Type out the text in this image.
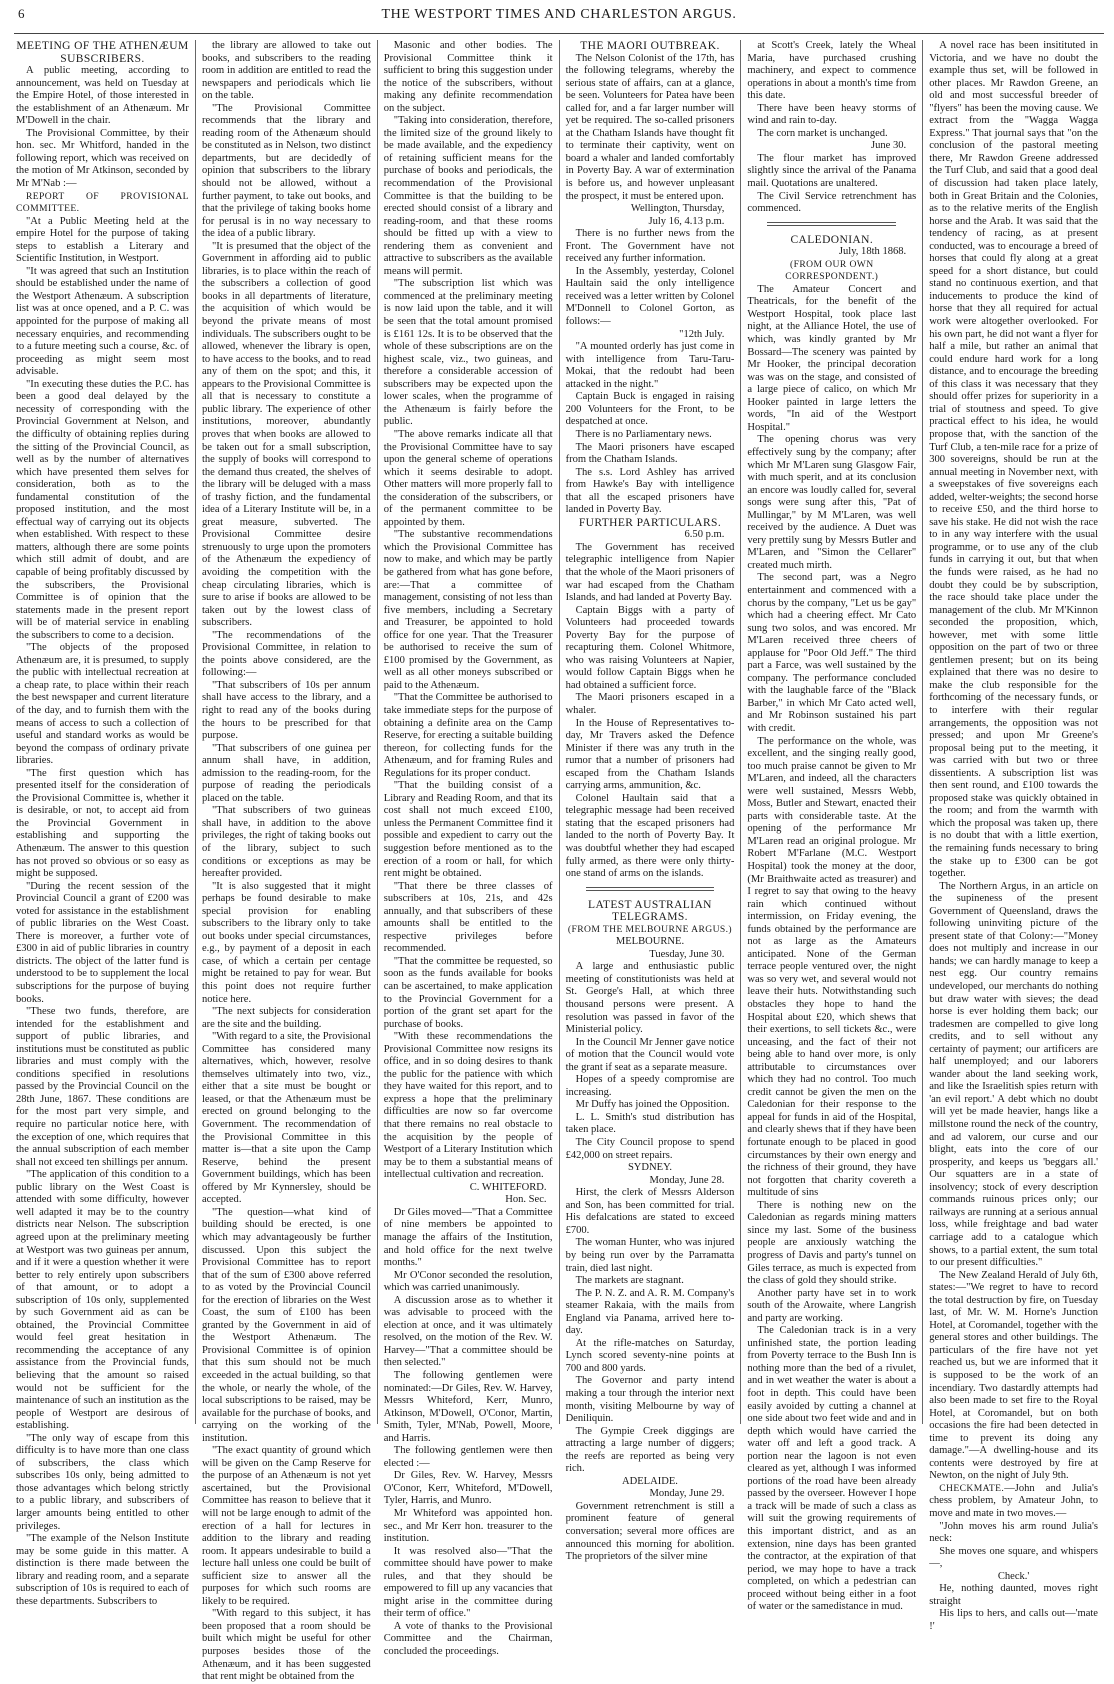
6	THE WESTPORT TIMES AND CHARLESTON ARGUS.

MEETING OF THE ATHENÆUM SUBSCRIBERS.

A public meeting, according to announcement, was held on Tuesday at the Empire Hotel, of those interested in the establishment of an Athenæum. Mr M'Dowell in the chair.

The Provisional Committee, by their hon. sec. Mr Whitford, handed in the following report, which was received on the motion of Mr Atkinson, seconded by Mr M'Nab :—

REPORT OF PROVISIONAL COMMITTEE.

"At a Public Meeting held at the empire Hotel for the purpose of taking steps to establish a Literary and Scientific Institution, in Westport.

"It was agreed that such an Institution should be established under the name of the Westport Athenæum. A subscription list was at once opened, and a P. C. was appointed for the purpose of making all necessary enquiries, and recommending to a future meeting such a course, &c. of proceeding as might seem most advisable.

"In executing these duties the P.C. has been a good deal delayed by the necessity of corresponding with the Provincial Government at Nelson, and the difficulty of obtaining replies during the sitting of the Provincial Council, as well as by the number of alternatives which have presented them selves for consideration, both as to the fundamental constitution of the proposed institution, and the most effectual way of carrying out its objects when established. With respect to these matters, although there are some points which still admit of doubt, and are capable of being profitably discussed by the subscribers, the Provisional Committee is of opinion that the statements made in the present report will be of material service in enabling the subscribers to come to a decision.

"The objects of the proposed Athenæum are, it is presumed, to supply the public with intellectual recreation at a cheap rate, to place within their reach the best newspaper and current literature of the day, and to furnish them with the means of access to such a collection of useful and standard works as would be beyond the compass of ordinary private libraries.

"The first question which has presented itself for the consideration of the Provisional Committee is, whether it is desirable, or not, to accept aid from the Provincial Government in establishing and supporting the Athenæum. The answer to this question has not proved so obvious or so easy as might be supposed.

"During the recent session of the Provincial Council a grant of £200 was voted for assistance in the establishment of public libraries on the West Coast. There is moreover, a further vote of £300 in aid of public libraries in country districts. The object of the latter fund is understood to be to supplement the local subscriptions for the purpose of buying books.

"These two funds, therefore, are intended for the establishment and support of public libraries, and institutions must be constituted as public libraries and must comply with the conditions specified in resolutions passed by the Provincial Council on the 28th June, 1867. These conditions are for the most part very simple, and require no particular notice here, with the exception of one, which requires that the annual subscription of each member shall not exceed ten shillings per annum.

"The application of this condition to a public library on the West Coast is attended with some difficulty, however well adapted it may be to the country districts near Nelson. The subscription agreed upon at the preliminary meeting at Westport was two guineas per annum, and if it were a question whether it were better to rely entirely upon subscribers of that amount, or to adopt a subscription of 10s only, supplemented by such Government aid as can be obtained, the Provincial Committee would feel great hesitation in recommending the acceptance of any assistance from the Provincial funds, believing that the amount so raised would not be sufficient for the maintenance of such an institution as the people of Westport are desirous of establishing.

"The only way of escape from this difficulty is to have more than one class of subscribers, the class which subscribes 10s only, being admitted to those advantages which belong strictly to a public library, and subscribers of larger amounts being entitled to other privileges.

"The example of the Nelson Institute may be some guide in this matter. A distinction is there made between the library and reading room, and a separate subscription of 10s is required to each of these departments. Subscribers to

the library are allowed to take out books, and subscribers to the reading room in addition are entitled to read the newspapers and periodicals which lie on the table.

"The Provisional Committee recommends that the library and reading room of the Athenæum should be constituted as in Nelson, two distinct departments, but are decidedly of opinion that subscribers to the library should not be allowed, without a further payment, to take out books, and that the privilege of taking books home for perusal is in no way necessary to the idea of a public library.

"It is presumed that the object of the Government in affording aid to public libraries, is to place within the reach of the subscribers a collection of good books in all departments of literature, the acquisition of which would be beyond the private means of most individuals. The subscribers ought to be allowed, whenever the library is open, to have access to the books, and to read any of them on the spot; and this, it appears to the Provisional Committee is all that is necessary to constitute a public library. The experience of other institutions, moreover, abundantly proves that when books are allowed to be taken out for a small subscription, the supply of books will correspond to the demand thus created, the shelves of the library will be deluged with a mass of trashy fiction, and the fundamental idea of a Literary Institute will be, in a great measure, subverted. The Provisional Committee desire strenuously to urge upon the promoters of the Athenæum the expediency of avoiding the competition with the cheap circulating libraries, which is sure to arise if books are allowed to be taken out by the lowest class of subscribers.

"The recommendations of the Provisional Committee, in relation to the points above considered, are the following:—

"That subscribers of 10s per annum shall have access to the library, and a right to read any of the books during the hours to be prescribed for that purpose.

"That subscribers of one guinea per annum shall have, in addition, admission to the reading-room, for the purpose of reading the periodicals placed on the table.

"That subscribers of two guineas shall have, in addition to the above privileges, the right of taking books out of the library, subject to such conditions or exceptions as may be hereafter provided.

"It is also suggested that it might perhaps be found desirable to make special provision for enabling subscribers to the library only to take out books under special circumstances, e.g., by payment of a deposit in each case, of which a certain per centage might be retained to pay for wear. But this point does not require further notice here.

"The next subjects for consideration are the site and the building.

"With regard to a site, the Provisional Committee has considered many alternatives, which, however, resolve themselves ultimately into two, viz., either that a site must be bought or leased, or that the Athenæum must be erected on ground belonging to the Government. The recommendation of the Provisional Committee in this matter is—that a site upon the Camp Reserve, behind the present Government buildings, which has been offered by Mr Kynnersley, should be accepted.

"The question—what kind of building should be erected, is one which may advantageously be further discussed. Upon this subject the Provisional Committee has to report that of the sum of £300 above referred to as voted by the Provincial Council for the erection of libraries on the West Coast, the sum of £100 has been granted by the Government in aid of the Westport Athenæum. The Provisional Committee is of opinion that this sum should not be much exceeded in the actual building, so that the whole, or nearly the whole, of the local subscriptions to be raised, may be available for the purchase of books, and carrying on the working of the institution.

"The exact quantity of ground which will be given on the Camp Reserve for the purpose of an Athenæum is not yet ascertained, but the Provisional Committee has reason to believe that it will not be large enough to admit of the erection of a hall for lectures in addition to the library and reading room. It appears undesirable to build a lecture hall unless one could be built of sufficient size to answer all the purposes for which such rooms are likely to be required.

"With regard to this subject, it has been proposed that a room should be built which might be useful for other purposes besides those of the Athenæum, and it has been suggested that rent might be obtained from the

Masonic and other bodies. The Provisional Committee think it sufficient to bring this suggestion under the notice of the subscribers, without making any definite recommendation on the subject.

"Taking into consideration, therefore, the limited size of the ground likely to be made available, and the expediency of retaining sufficient means for the purchase of books and periodicals, the recommendation of the Provisional Committee is that the building to be erected should consist of a library and reading-room, and that these rooms should be fitted up with a view to rendering them as convenient and attractive to subscribers as the available means will permit.

"The subscription list which was commenced at the preliminary meeting is now laid upon the table, and it will be seen that the total amount promised is £161 12s. It is to be observed that the whole of these subscriptions are on the highest scale, viz., two guineas, and therefore a considerable accession of subscribers may be expected upon the lower scales, when the programme of the Athenæum is fairly before the public.

"The above remarks indicate all that the Provisional Committee have to say upon the general scheme of operations which it seems desirable to adopt. Other matters will more properly fall to the consideration of the subscribers, or of the permanent committee to be appointed by them.

"The substantive recommendations which the Provisional Committee has now to make, and which may be partly be gathered from what has gone before, are:—That a committee of management, consisting of not less than five members, including a Secretary and Treasurer, be appointed to hold office for one year. That the Treasurer be authorised to receive the sum of £100 promised by the Government, as well as all other moneys subscribed or paid to the Athenæum.

"That the Committee be authorised to take immediate steps for the purpose of obtaining a definite area on the Camp Reserve, for erecting a suitable building thereon, for collecting funds for the Athenæum, and for framing Rules and Regulations for its proper conduct.

"That the building consist of a Library and Reading Room, and that its cost shall not much exceed £100, unless the Permanent Committee find it possible and expedient to carry out the suggestion before mentioned as to the erection of a room or hall, for which rent might be obtained.

"That there be three classes of subscribers at 10s, 21s, and 42s annually, and that subscribers of these amounts shall be entitled to the respective privileges before recommended.

"That the committee be requested, so soon as the funds available for books can be ascertained, to make application to the Provincial Government for a portion of the grant set apart for the purchase of books.

"With these recommendations the Provisional Committee now resigns its office, and in so doing desires to thank the public for the patience with which they have waited for this report, and to express a hope that the preliminary difficulties are now so far overcome that there remains no real obstacle to the acquisition by the people of Westport of a Literary Institution which may be to them a substantial means of intellectual cultivation and recreation.

C. WHITEFORD.

Hon. Sec.

Dr Giles moved—"That a Committee of nine members be appointed to manage the affairs of the Institution, and hold office for the next twelve months."

Mr O'Conor seconded the resolution, which was carried unanimously.

A discussion arose as to whether it was advisable to proceed with the election at once, and it was ultimately resolved, on the motion of the Rev. W. Harvey—"That a committee should be then selected."

The following gentlemen were nominated:—Dr Giles, Rev. W. Harvey, Messrs Whiteford, Kerr, Munro, Atkinson, M'Dowell, O'Conor, Martin, Smith, Tyler, M'Nab, Powell, Moore, and Harris.

The following gentlemen were then elected :—

Dr Giles, Rev. W. Harvey, Messrs O'Conor, Kerr, Whiteford, M'Dowell, Tyler, Harris, and Munro.

Mr Whiteford was appointed hon. sec., and Mr Kerr hon. treasurer to the institution.

It was resolved also—"That the committee should have power to make rules, and that they should be empowered to fill up any vacancies that might arise in the committee during their term of office."

A vote of thanks to the Provisional Committee and the Chairman, concluded the proceedings.

THE MAORI OUTBREAK.

The Nelson Colonist of the 17th, has the following telegrams, whereby the serious state of affairs, can at a glance, be seen. Volunteers for Patea have been called for, and a far larger number will yet be required. The so-called prisoners at the Chatham Islands have thought fit to terminate their captivity, went on board a whaler and landed comfortably in Poverty Bay. A war of extermination is before us, and however unpleasant the prospect, it must be entered upon.

Wellington, Thursday,

July 16, 4.13 p.m.

There is no further news from the Front. The Government have not received any further information.

In the Assembly, yesterday, Colonel Haultain said the only intelligence received was a letter written by Colonel M'Donnell to Colonel Gorton, as follows:—

"12th July.

"A mounted orderly has just come in with intelligence from Taru-Taru-Mokai, that the redoubt had been attacked in the night."

Captain Buck is engaged in raising 200 Volunteers for the Front, to be despatched at once.

There is no Parliamentary news.

The Maori prisoners have escaped from the Chatham Islands.

The s.s. Lord Ashley has arrived from Hawke's Bay with intelligence that all the escaped prisoners have landed in Poverty Bay.

FURTHER PARTICULARS.

6.50 p.m.

The Government has received telegraphic intelligence from Napier that the whole of the Maori prisoners of war had escaped from the Chatham Islands, and had landed at Poverty Bay.

Captain Biggs with a party of Volunteers had proceeded towards Poverty Bay for the purpose of recapturing them. Colonel Whitmore, who was raising Volunteers at Napier, would follow Captain Biggs when he had obtained a sufficient force.

The Maori prisoners escaped in a whaler.

In the House of Representatives to-day, Mr Travers asked the Defence Minister if there was any truth in the rumor that a number of prisoners had escaped from the Chatham Islands carrying arms, ammunition, &c.

Colonel Haultain said that a telegraphic message had been received stating that the escaped prisoners had landed to the north of Poverty Bay. It was doubtful whether they had escaped fully armed, as there were only thirty-one stand of arms on the islands.

LATEST AUSTRALIAN TELEGRAMS.

(FROM THE MELBOURNE ARGUS.)

MELBOURNE.

Tuesday, June 30.

A large and enthusiastic public meeting of constitutionists was held at St. George's Hall, at which three thousand persons were present. A resolution was passed in favor of the Ministerial policy.

In the Council Mr Jenner gave notice of motion that the Council would vote the grant if seat as a separate measure.

Hopes of a speedy compromise are increasing.

Mr Duffy has joined the Opposition.

L. L. Smith's stud distribution has taken place.

The City Council propose to spend £42,000 on street repairs.

SYDNEY.

Monday, June 28.

Hirst, the clerk of Messrs Alderson and Son, has been committed for trial. His defalcations are stated to exceed £700.

The woman Hunter, who was injured by being run over by the Parramatta train, died last night.

The markets are stagnant.

The P. N. Z. and A. R. M. Company's steamer Rakaia, with the mails from England via Panama, arrived here to-day.

At the rifle-matches on Saturday, Lynch scored seventy-nine points at 700 and 800 yards.

The Governor and party intend making a tour through the interior next month, visiting Melbourne by way of Deniliquin.

The Gympie Creek diggings are attracting a large number of diggers; the reefs are reported as being very rich.

ADELAIDE.

Monday, June 29.

Government retrenchment is still a prominent feature of general conversation; several more offices are announced this morning for abolition. The proprietors of the silver mine

at Scott's Creek, lately the Wheal Maria, have purchased crushing machinery, and expect to commence operations in about a month's time from this date.

There have been heavy storms of wind and rain to-day.

The corn market is unchanged.

June 30.

The flour market has improved slightly since the arrival of the Panama mail. Quotations are unaltered.

The Civil Service retrenchment has commenced.

CALEDONIAN.

July, 18th 1868.

(FROM OUR OWN CORRESPONDENT.)

The Amateur Concert and Theatricals, for the benefit of the Westport Hospital, took place last night, at the Alliance Hotel, the use of which, was kindly granted by Mr Bossard—The scenery was painted by Mr Hooker, the principal decoration was was on the stage, and consisted of a large piece of calico, on which Mr Hooker painted in large letters the words, "In aid of the Westport Hospital."

The opening chorus was very effectively sung by the company; after which Mr M'Laren sung Glasgow Fair, with much sperit, and at its conclusion an encore was loudly called for, several songs were sung after this, "Pat of Mullingar," by M M'Laren, was well received by the audience. A Duet was very prettily sung by Messrs Butler and M'Laren, and "Simon the Cellarer" created much mirth.

The second part, was a Negro entertainment and commenced with a chorus by the company, "Let us be gay" which had a cheering effect. Mr Cato sung two solos, and was encored. Mr M'Laren received three cheers of applause for "Poor Old Jeff." The third part a Farce, was well sustained by the company. The performance concluded with the laughable farce of the "Black Barber," in which Mr Cato acted well, and Mr Robinson sustained his part with credit.

The performance on the whole, was excellent, and the singing really good, too much praise cannot be given to Mr M'Laren, and indeed, all the characters were well sustained, Messrs Webb, Moss, Butler and Stewart, enacted their parts with considerable taste. At the opening of the performance Mr M'Laren read an original prologue. Mr Robert M'Farlane (M.C. Westport Hospital) took the money at the door, (Mr Braithwaite acted as treasurer) and I regret to say that owing to the heavy rain which continued without intermission, on Friday evening, the funds obtained by the performance are not as large as the Amateurs anticipated. None of the German terrace people ventured over, the night was so very wet, and several would not leave their huts. Notwithstanding such obstacles they hope to hand the Hospital about £20, which shews that their exertions, to sell tickets &c., were unceasing, and the fact of their not being able to hand over more, is only attributable to circumstances over which they had no control. Too much credit cannot be given the men on the Caledonian for their response to the appeal for funds in aid of the Hospital, and clearly shews that if they have been fortunate enough to be placed in good circumstances by their own energy and the richness of their ground, they have not forgotten that charity covereth a multitude of sins

There is nothing new on the Caledonian as regards mining matters since my last. Some of the business people are anxiously watching the progress of Davis and party's tunnel on Giles terrace, as much is expected from the class of gold they should strike.

Another party have set in to work south of the Arowaite, where Langrish and party are working.

The Caledonian track is in a very unfinished state, the portion leading from Poverty terrace to the Bush Inn is nothing more than the bed of a rivulet, and in wet weather the water is about a foot in depth. This could have been easily avoided by cutting a channel at one side about two feet wide and and in depth which would have carried the water off and left a good track. A portion near the lagoon is not even cleared as yet, although I was informed portions of the road have been already passed by the overseer. However I hope a track will be made of such a class as will suit the growing requirements of this important district, and as an extension, nine days has been granted the contractor, at the expiration of that period, we may hope to have a track completed, on which a pedestrian can proceed without being either in a foot of water or the samedistance in mud.

A novel race has been insitituted in Victoria, and we have no doubt the example thus set, will be followed in other places. Mr Rawdon Greene, an old and most successful breeder of "flyers" has been the moving cause. We extract from the "Wagga Wagga Express." That journal says that "on the conclusion of the pastoral meeting there, Mr Rawdon Greene addressed the Turf Club, and said that a good deal of discussion had taken place lately, both in Great Britain and the Colonies, as to the relative merits of the English horse and the Arab. It was said that the tendency of racing, as at present conducted, was to encourage a breed of horses that could fly along at a great speed for a short distance, but could stand no continuous exertion, and that inducements to produce the kind of horse that they all required for actual work were altogether overlooked. For his own part, he did not want a flyer for half a mile, but rather an animal that could endure hard work for a long distance, and to encourage the breeding of this class it was necessary that they should offer prizes for superiority in a trial of stoutness and speed. To give practical effect to his idea, he would propose that, with the sanction of the Turf Club, a ten-mile race for a prize of 300 sovereigns, should be run at the annual meeting in November next, with a sweepstakes of five sovereigns each added, welter-weights; the second horse to receive £50, and the third horse to save his stake. He did not wish the race to in any way interfere with the usual programme, or to use any of the club funds in carrying it out, but that when the funds were raised, as he had no doubt they could be by subscription, the race should take place under the management of the club. Mr M'Kinnon seconded the proposition, which, however, met with some little opposition on the part of two or three gentlemen present; but on its being explained that there was no desire to make the club responsible for the forthcoming of the necessary funds, or to interfere with their regular arrangements, the opposition was not pressed; and upon Mr Greene's proposal being put to the meeting, it was carried with but two or three dissentients. A subscription list was then sent round, and £100 towards the proposed stake was quickly obtained in the room; and from the warmth with which the proposal was taken up, there is no doubt that with a little exertion, the remaining funds necessary to bring the stake up to £300 can be got together.

The Northern Argus, in an article on the supineness of the present Government of Queensland, draws the following uninviting picture of the present state of that Colony:—"Money does not multiply and increase in our hands; we can hardly manage to keep a nest egg. Our country remains undeveloped, our merchants do nothing but draw water with sieves; the dead horse is ever holding them back; our tradesmen are compelled to give long credits, and to sell without any certainty of payment; our artificers are half unemployed; and our laborers wander about the land seeking work, and like the Israelitish spies return with 'an evil report.' A debt which no doubt will yet be made heavier, hangs like a millstone round the neck of the country, and ad valorem, our curse and our blight, eats into the core of our prosperity, and keeps us 'beggars all.' Our squatters are in a state of insolvency; stock of every description commands ruinous prices only; our railways are running at a serious annual loss, while freightage and bad water carriage add to a catalogue which shows, to a partial extent, the sum total to our present difficulties."

The New Zealand Herald of July 6th, states:—"We regret to have to record the total destruction by fire, on Tuesday last, of Mr. W. M. Horne's Junction Hotel, at Coromandel, together with the general stores and other buildings. The particulars of the fire have not yet reached us, but we are informed that it is supposed to be the work of an incendiary. Two dastardly attempts had also been made to set fire to the Royal Hotel, at Coromandel, but on both occasions the fire had been detected in time to prevent its doing any damage."—A dwelling-house and its contents were destroyed by fire at Newton, on the night of July 9th.

CHECKMATE.—John and Julia's chess problem, by Amateur John, to move and mate in two moves.—

"John moves his arm round Julia's neck:

She moves one square, and whispers—,

Check.'

He, nothing daunted, moves right straight

His lips to hers, and calls out—'mate !'
